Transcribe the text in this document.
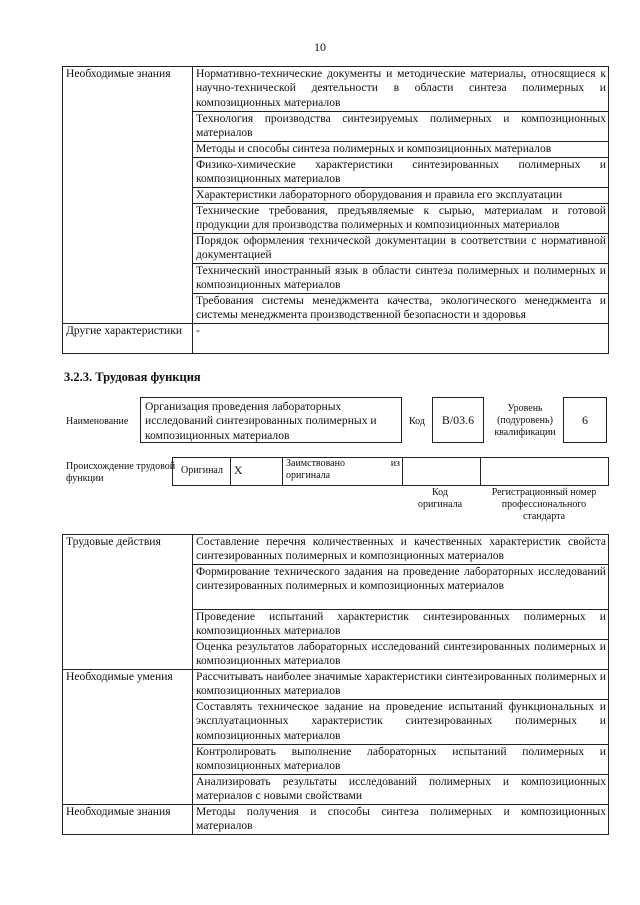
10
Необходимые знания	Нормативно-технические документы и методические материалы, относящиеся к научно-технической деятельности в области синтеза полимерных и композиционных материалов
	Технология производства синтезируемых полимерных и композиционных материалов
	Методы и способы синтеза полимерных и композиционных материалов
	Физико-химические характеристики синтезированных полимерных и композиционных материалов
	Характеристики лабораторного оборудования и правила его эксплуатации
	Технические требования, предъявляемые к сырью, материалам и готовой продукции для производства полимерных и композиционных материалов
	Порядок оформления технической документации в соответствии с нормативной документацией
	Технический иностранный язык в области синтеза полимерных и полимерных и композиционных материалов
	Требования системы менеджмента качества, экологического менеджмента и системы менеджмента производственной безопасности и здоровья
Другие характеристики	-
3.2.3. Трудовая функция
Наименование
Организация проведения лабораторных исследований синтезированных полимерных и композиционных материалов
Код	B/03.6
Уровень (подуровень) квалификации
6
Происхождение трудовой функции
Оригинал	X	Заимствовано из оригинала		
Код оригинала
Регистрационный номер профессионального стандарта
Трудовые действия	Составление перечня количественных и качественных характеристик свойста синтезированных полимерных и композиционных материалов
	Формирование технического задания на проведение лабораторных исследований синтезированных полимерных и композиционных материалов
	Проведение испытаний характеристик синтезированных полимерных и композиционных материалов
	Оценка результатов лабораторных исследований синтезированных полимерных и композиционных материалов
Необходимые умения	Рассчитывать наиболее значимые характеристики синтезированных полимерных и композиционных материалов
	Составлять техническое задание на проведение испытаний функциональных и эксплуатационных характеристик синтезированных полимерных и композиционных материалов
	Контролировать выполнение лабораторных испытаний полимерных и композиционных материалов
	Анализировать результаты исследований полимерных и композиционных материалов с новыми свойствами
Необходимые знания	Методы получения и способы синтеза полимерных и композиционных материалов
